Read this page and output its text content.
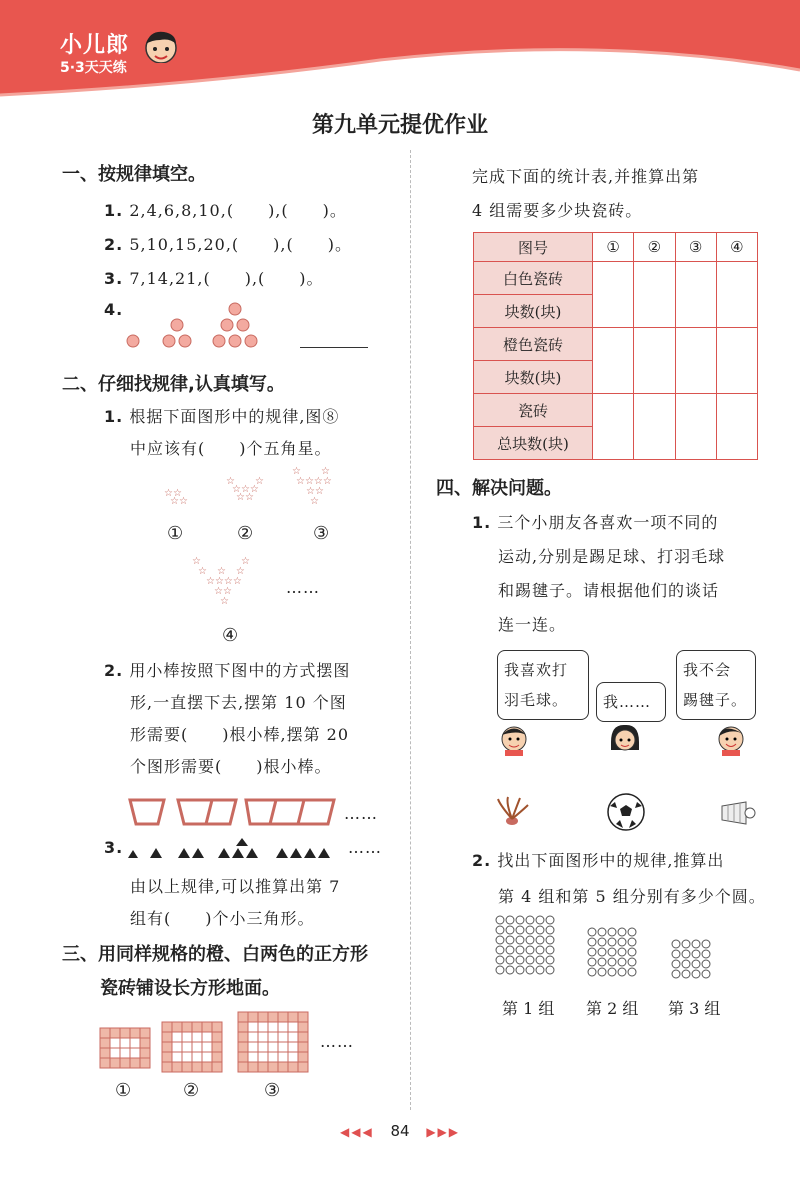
小儿郎
5·3天天练
第九单元提优作业
一、按规律填空。
1. 2,4,6,8,10,(　　),(　　)。
2. 5,10,15,20,(　　),(　　)。
3. 7,14,21,(　　),(　　)。
4.
二、仔细找规律,认真填写。
1. 根据下面图形中的规律,图⑧
中应该有(　　)个五角星。
☆☆
☆☆
☆　　☆
☆☆☆
☆☆
☆　　☆
☆☆☆☆
☆☆
☆
☆　　　　☆
☆　☆　☆
☆☆☆☆
☆☆
☆
①	②	③
④
……
2. 用小棒按照下图中的方式摆图
形,一直摆下去,摆第 10 个图
形需要(　　)根小棒,摆第 20
个图形需要(　　)根小棒。
……
3.	……
由以上规律,可以推算出第 7
组有(　　)个小三角形。
三、用同样规格的橙、白两色的正方形
瓷砖铺设长方形地面。
……
①	②	③
完成下面的统计表,并推算出第
4 组需要多少块瓷砖。
图号	①	②	③	④
白色瓷砖				
块数(块)				
橙色瓷砖				
块数(块)				
瓷砖				
总块数(块)				
四、解决问题。
1. 三个小朋友各喜欢一项不同的
运动,分别是踢足球、打羽毛球
和踢毽子。请根据他们的谈话
连一连。
我喜欢打
羽毛球。	我……
我不会
踢毽子。
2. 找出下面图形中的规律,推算出
第 4 组和第 5 组分别有多少个圆。
第 1 组 第 2 组 第 3 组
◀◀◀ 84 ▶▶▶
